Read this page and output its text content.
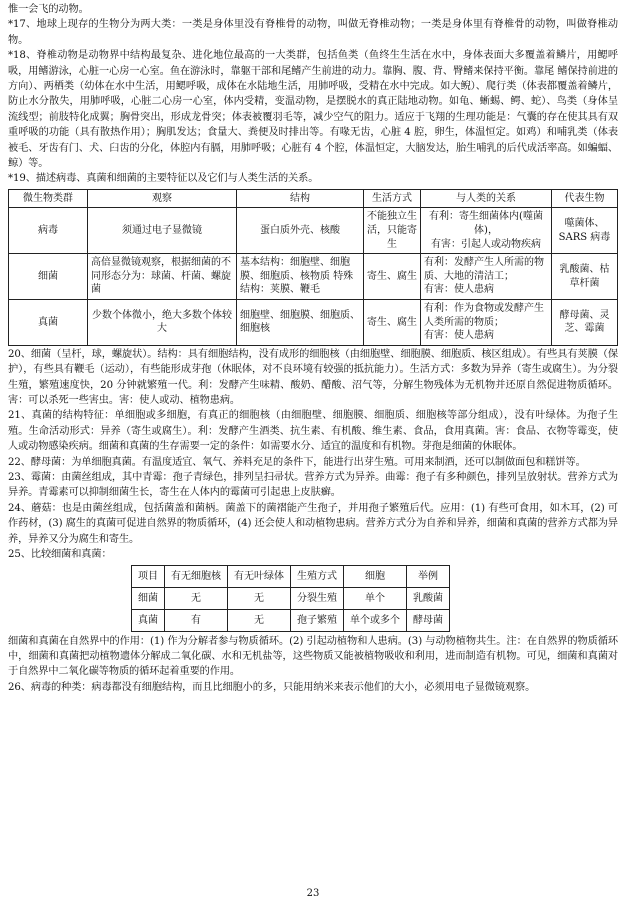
惟一会飞的动物。

*17、地球上现存的生物分为两大类：一类是身体里没有脊椎骨的动物，叫做无脊椎动物；一类是身体里有脊椎骨的动物，叫做脊椎动物。

*18、脊椎动物是动物界中结构最复杂、进化地位最高的一大类群，包括鱼类（鱼终生生活在水中，身体表面大多覆盖着鳞片，用鳃呼吸，用鳍游泳，心脏一心房一心室。鱼在游泳时，靠躯干部和尾鳍产生前进的动力。靠胸、腹、背、臀鳍来保持平衡。靠尾 鳍保持前进的方向）、两栖类（幼体在水中生活，用鳃呼吸，成体在水陆地生活，用肺呼吸，受精在水中完成。如大鲵）、爬行类（体表都覆盖着鳞片，防止水分散失，用肺呼吸，心脏二心房一心室，体内受精，变温动物，是摆脱水的真正陆地动物。如龟、蜥蜴、鳄、蛇）、鸟类（身体呈流线型；前肢特化成翼；胸骨突出，形成龙骨突；体表被覆羽毛等，减少空气的阻力。适应于飞翔的生理功能是：气囊的存在使其具有双重呼吸的功能（具有散热作用）；胸肌发达；食量大、粪便及时排出等。有喙无齿，心脏 4 腔，卵生，体温恒定。如鸡）和哺乳类（体表被毛、牙齿有门、犬、臼齿的分化，体腔内有膈，用肺呼吸；心脏有 4 个腔，体温恒定，大脑发达，胎生哺乳的后代成活率高。如蝙蝠、鲸）等。

*19、描述病毒、真菌和细菌的主要特征以及它们与人类生活的关系。

微生物类群	观察	结构	生活方式	与人类的关系	代表生物
病毒	须通过电子显微镜	蛋白质外壳、核酸	不能独立生活，只能寄生	有利：寄生细菌体内(噬菌体)，
有害：引起人或动物疾病	噬菌体、SARS 病毒
细菌	高倍显微镜观察，根据细菌的不同形态分为：球菌、杆菌、螺旋菌	基本结构：细胞壁、细胞膜、细胞质、核物质 特殊结构：荚膜、鞭毛	寄生、腐生	有利：发酵产生人所需的物质、大地的清洁工；
有害：使人患病	乳酸菌、枯草杆菌
真菌	少数个体微小，绝大多数个体较大	细胞壁、细胞膜、细胞质、细胞核	寄生、腐生	有利：作为食物或发酵产生人类所需的物质；
有害：使人患病	酵母菌、灵芝、霉菌

20、细菌（呈杆，球，螺旋状）。结构：具有细胞结构，没有成形的细胞核（由细胞壁、细胞膜、细胞质、核区组成）。有些具有荚膜（保护），有些具有鞭毛（运动），有些能形成芽孢（休眠体，对不良环境有较强的抵抗能力）。生活方式：多数为异养（寄生或腐生）。为分裂生殖，繁殖速度快，20 分钟就繁殖一代。利：发酵产生味精、酸奶、醋酸、沼气等，分解生物残体为无机物并还原自然促进物质循环。害：可以杀死一些害虫。害：使人或动、植物患病。

21、真菌的结构特征：单细胞或多细胞，有真正的细胞核（由细胞壁、细胞膜、细胞质、细胞核等部分组成），没有叶绿体。为孢子生殖。生命活动形式：异养（寄生或腐生）。利：发酵产生酒类、抗生素、有机酸、维生素、食品，食用真菌。害：食品、衣物等霉变，使人或动物感染疾病。细菌和真菌的生存需要一定的条件：如需要水分、适宜的温度和有机物。芽孢是细菌的休眠体。

22、酵母菌：为单细胞真菌。有温度适宜、氧气、养料充足的条件下，能进行出芽生殖。可用来制酒，还可以制做面包和糕饼等。

23、霉菌：由菌丝组成，其中青霉：孢子青绿色，排列呈扫帚状。营养方式为异养。曲霉：孢子有多种颜色，排列呈放射状。营养方式为异养。青霉素可以抑制细菌生长，寄生在人体内的霉菌可引起患上皮肤癣。

24、蘑菇：也是由菌丝组成，包括菌盖和菌柄。菌盖下的菌褶能产生孢子，并用孢子繁殖后代。应用：(1) 有些可食用，如木耳，(2) 可作药材，(3) 腐生的真菌可促进自然界的物质循环，(4) 还会使人和动植物患病。营养方式分为自养和异养，细菌和真菌的营养方式都为异养，异养又分为腐生和寄生。

25、比较细菌和真菌：

项目	有无细胞核	有无叶绿体	生殖方式	细胞	举例
细菌	无	无	分裂生殖	单个	乳酸菌
真菌	有	无	孢子繁殖	单个或多个	酵母菌

细菌和真菌在自然界中的作用：(1) 作为分解者参与物质循环。(2) 引起动植物和人患病。(3) 与动物植物共生。注：在自然界的物质循环中，细菌和真菌把动植物遗体分解成二氧化碳、水和无机盐等，这些物质又能被植物吸收和利用，进而制造有机物。可见，细菌和真菌对于自然界中二氧化碳等物质的循环起着重要的作用。

26、病毒的种类：病毒都没有细胞结构，而且比细胞小的多，只能用纳米来表示他们的大小，必须用电子显微镜观察。

23
